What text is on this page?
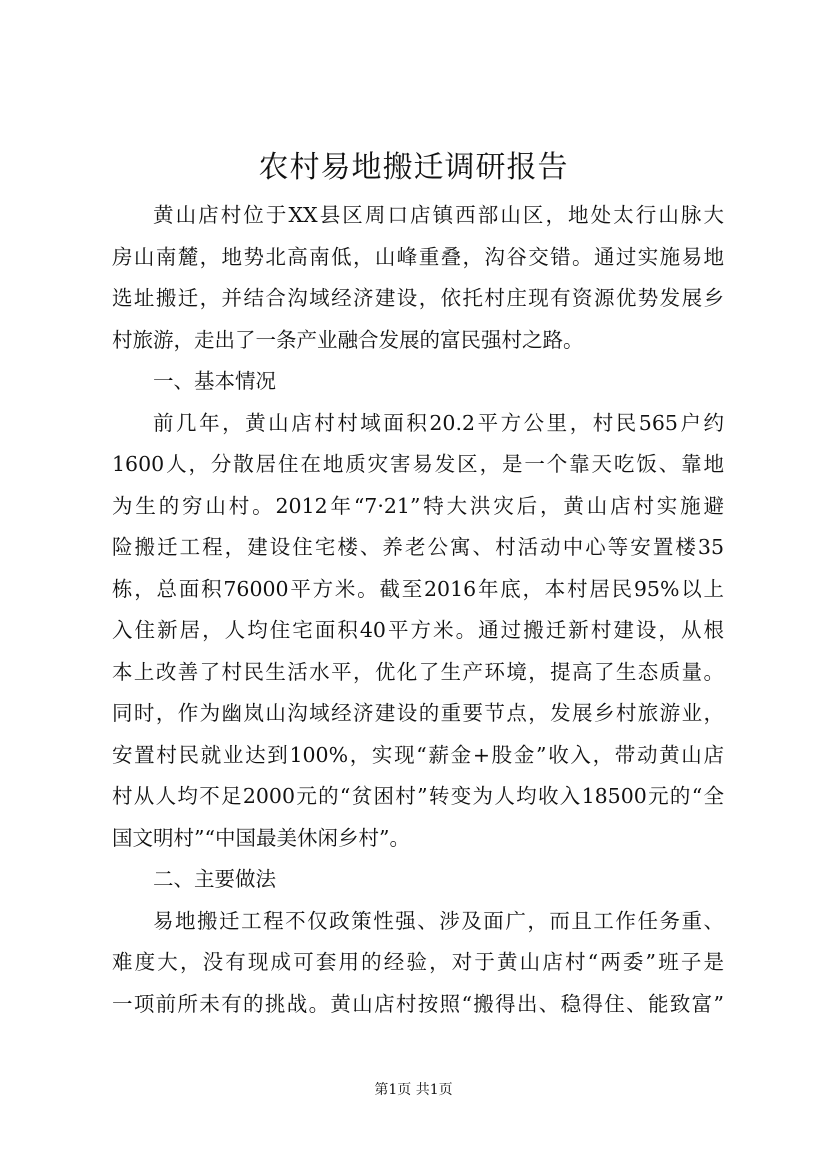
农村易地搬迁调研报告
黄山店村位于XX县区周口店镇西部山区，地处太行山脉大
房山南麓，地势北高南低，山峰重叠，沟谷交错。通过实施易地
选址搬迁，并结合沟域经济建设，依托村庄现有资源优势发展乡
村旅游，走出了一条产业融合发展的富民强村之路。
一、基本情况
前几年，黄山店村村域面积20.2平方公里，村民565户约
1600人，分散居住在地质灾害易发区，是一个靠天吃饭、靠地
为生的穷山村。2012年“7·21”特大洪灾后，黄山店村实施避
险搬迁工程，建设住宅楼、养老公寓、村活动中心等安置楼35
栋，总面积76000平方米。截至2016年底，本村居民95%以上
入住新居，人均住宅面积40平方米。通过搬迁新村建设，从根
本上改善了村民生活水平，优化了生产环境，提高了生态质量。
同时，作为幽岚山沟域经济建设的重要节点，发展乡村旅游业，
安置村民就业达到100%，实现“薪金+股金”收入，带动黄山店
村从人均不足2000元的“贫困村”转变为人均收入18500元的“全
国文明村”“中国最美休闲乡村”。
二、主要做法
易地搬迁工程不仅政策性强、涉及面广，而且工作任务重、
难度大，没有现成可套用的经验，对于黄山店村“两委”班子是
一项前所未有的挑战。黄山店村按照“搬得出、稳得住、能致富”
第1页 共1页
